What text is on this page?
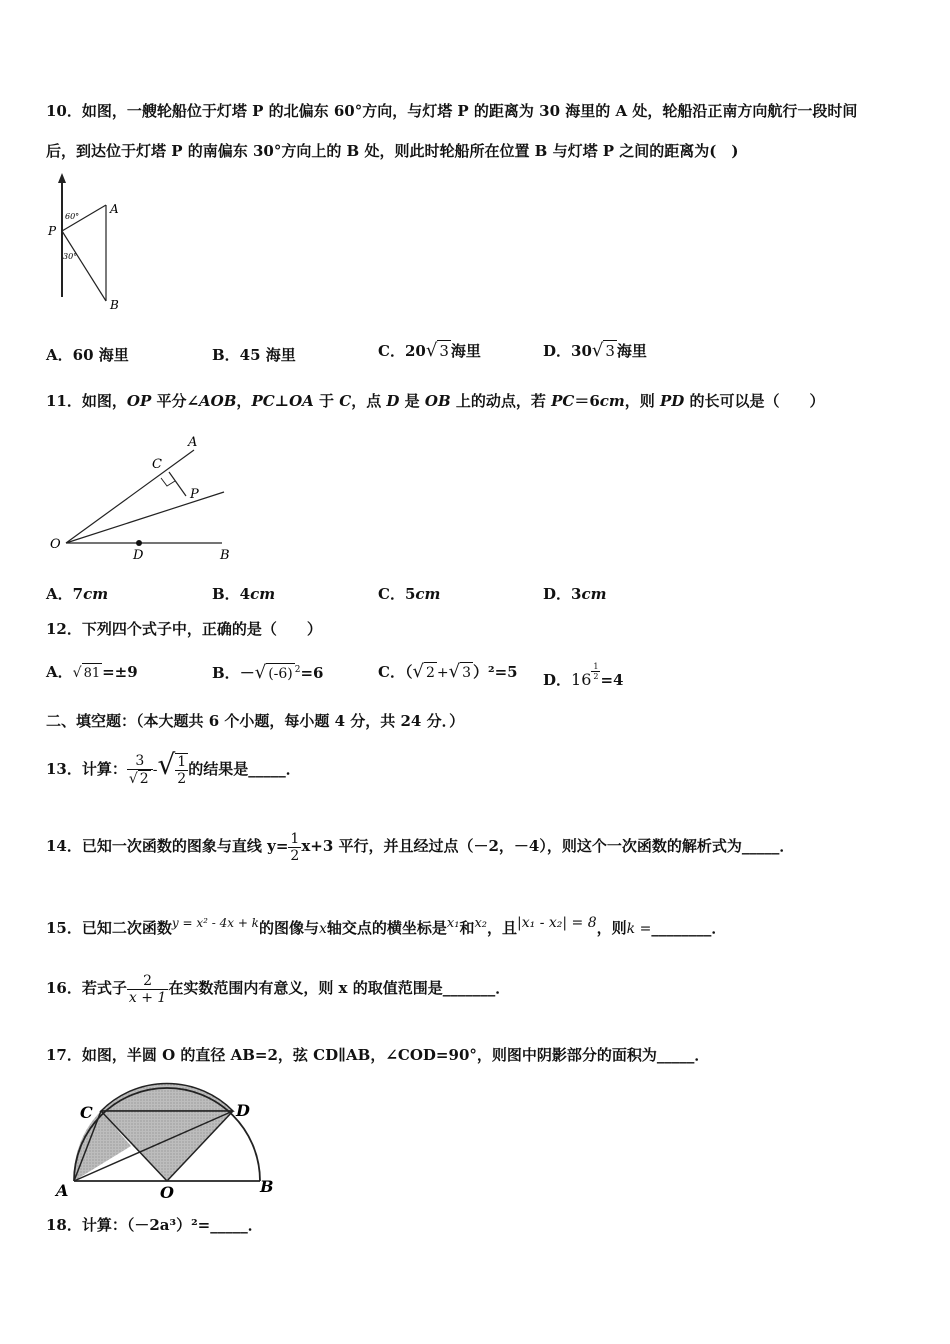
10．如图，一艘轮船位于灯塔 P 的北偏东 60°方向，与灯塔 P 的距离为 30 海里的 A 处，轮船沿正南方向航行一段时间
后，到达位于灯塔 P 的南偏东 30°方向上的 B 处，则此时轮船所在位置 B 与灯塔 P 之间的距离为(　)
A
P
B
60°
30°
A．60 海里	B．45 海里	C．20√ 3 海里	D．30√ 3 海里
11．如图，OP 平分∠AOB，PC⊥OA 于 C，点 D 是 OB 上的动点，若 PC＝6cm，则 PD 的长可以是（　　）
A
C
P
O
D	B
A．7cm	B．4cm	C．5cm	D．3cm
12．下列四个式子中，正确的是（　　）
A．√ 81 =±9	B．－√ (-6) $^2$=6	C．（√ 2 +√ 3 ）²=5 D．$16 \frac{1}{2} =4$
二、填空题：（本大题共 6 个小题，每小题 4 分，共 24 分．）
13．计算： $\frac{3}{√ 2}$ -√ $\frac{1}{2}$ 的结果是_____．
14．已知一次函数的图象与直线 $y= \frac{1}{2} x+3$ 平行，并且经过点（－2，－4），则这个一次函数的解析式为_____．
15．已知二次函数$^{y = x^2 - 4x + k}$的图像与x轴交点的横坐标是x₁和x₂，且|x₁ - x₂| = 8，则k =________．
16．若式子 $\frac{2}{x + 1}$ 在实数范围内有意义，则 x 的取值范围是_______．
17．如图，半圆 O 的直径 AB=2，弦 CD∥AB，∠COD=90°，则图中阴影部分的面积为_____．
C	D
A	O	B
18．计算：（－2a³）²=_____．
